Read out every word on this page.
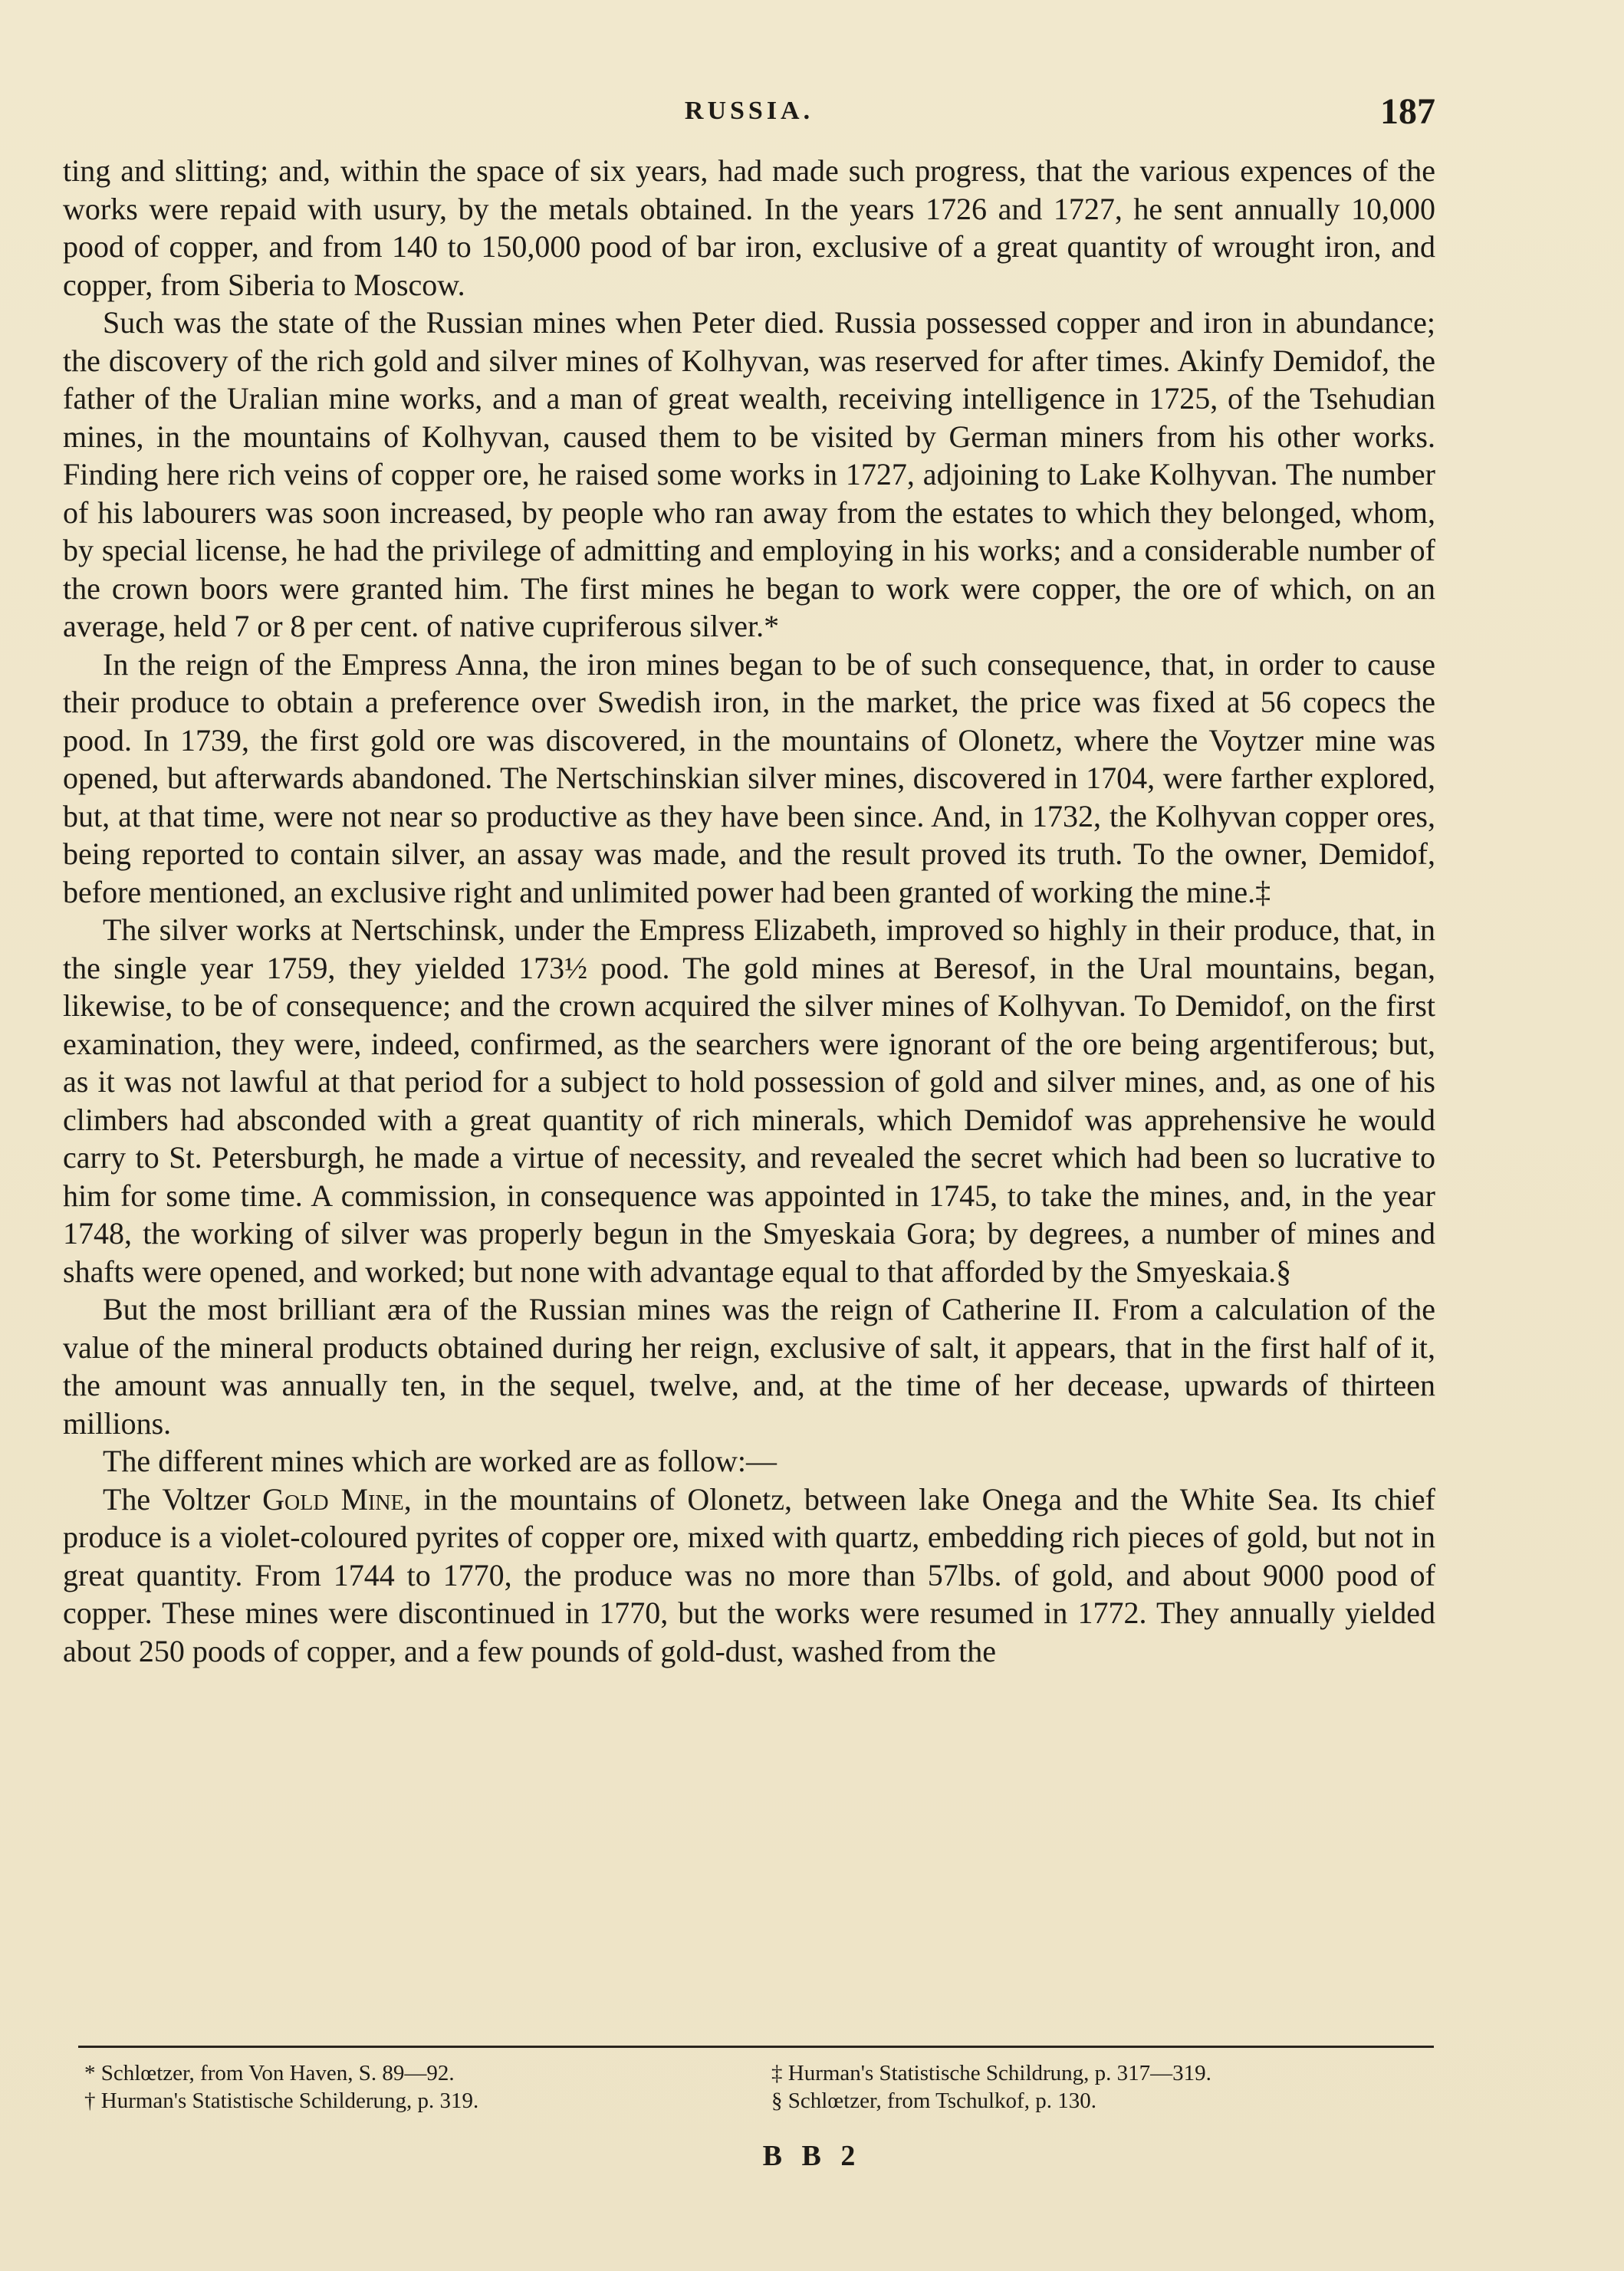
RUSSIA.	187

ting and slitting; and, within the space of six years, had made such progress, that the various expences of the works were repaid with usury, by the metals obtained. In the years 1726 and 1727, he sent annually 10,000 pood of copper, and from 140 to 150,000 pood of bar iron, exclusive of a great quantity of wrought iron, and copper, from Siberia to Moscow.

Such was the state of the Russian mines when Peter died. Russia possessed copper and iron in abundance; the discovery of the rich gold and silver mines of Kolhyvan, was reserved for after times. Akinfy Demidof, the father of the Uralian mine works, and a man of great wealth, receiving intelligence in 1725, of the Tsehudian mines, in the mountains of Kolhyvan, caused them to be visited by German miners from his other works. Finding here rich veins of copper ore, he raised some works in 1727, adjoining to Lake Kolhyvan. The number of his labourers was soon increased, by people who ran away from the estates to which they belonged, whom, by special license, he had the privilege of admitting and employing in his works; and a considerable number of the crown boors were granted him. The first mines he began to work were copper, the ore of which, on an average, held 7 or 8 per cent. of native cupriferous silver.*

In the reign of the Empress Anna, the iron mines began to be of such consequence, that, in order to cause their produce to obtain a preference over Swedish iron, in the market, the price was fixed at 56 copecs the pood. In 1739, the first gold ore was discovered, in the mountains of Olonetz, where the Voytzer mine was opened, but afterwards abandoned. The Nertschinskian silver mines, discovered in 1704, were farther explored, but, at that time, were not near so productive as they have been since. And, in 1732, the Kolhyvan copper ores, being reported to contain silver, an assay was made, and the result proved its truth. To the owner, Demidof, before mentioned, an exclusive right and unlimited power had been granted of working the mine.‡

The silver works at Nertschinsk, under the Empress Elizabeth, improved so highly in their produce, that, in the single year 1759, they yielded 173½ pood. The gold mines at Beresof, in the Ural mountains, began, likewise, to be of consequence; and the crown acquired the silver mines of Kolhyvan. To Demidof, on the first examination, they were, indeed, confirmed, as the searchers were ignorant of the ore being argentiferous; but, as it was not lawful at that period for a subject to hold possession of gold and silver mines, and, as one of his climbers had absconded with a great quantity of rich minerals, which Demidof was apprehensive he would carry to St. Petersburgh, he made a virtue of necessity, and revealed the secret which had been so lucrative to him for some time. A commission, in consequence was appointed in 1745, to take the mines, and, in the year 1748, the working of silver was properly begun in the Smyeskaia Gora; by degrees, a number of mines and shafts were opened, and worked; but none with advantage equal to that afforded by the Smyeskaia.§

But the most brilliant æra of the Russian mines was the reign of Catherine II. From a calculation of the value of the mineral products obtained during her reign, exclusive of salt, it appears, that in the first half of it, the amount was annually ten, in the sequel, twelve, and, at the time of her decease, upwards of thirteen millions.

The different mines which are worked are as follow:—

The Voltzer Gold Mine, in the mountains of Olonetz, between lake Onega and the White Sea. Its chief produce is a violet-coloured pyrites of copper ore, mixed with quartz, embedding rich pieces of gold, but not in great quantity. From 1744 to 1770, the produce was no more than 57lbs. of gold, and about 9000 pood of copper. These mines were discontinued in 1770, but the works were resumed in 1772. They annually yielded about 250 poods of copper, and a few pounds of gold-dust, washed from the

* Schlœtzer, from Von Haven, S. 89—92.
† Hurman's Statistische Schilderung, p. 319.
‡ Hurman's Statistische Schildrung, p. 317—319.
§ Schlœtzer, from Tschulkof, p. 130.
B B 2
